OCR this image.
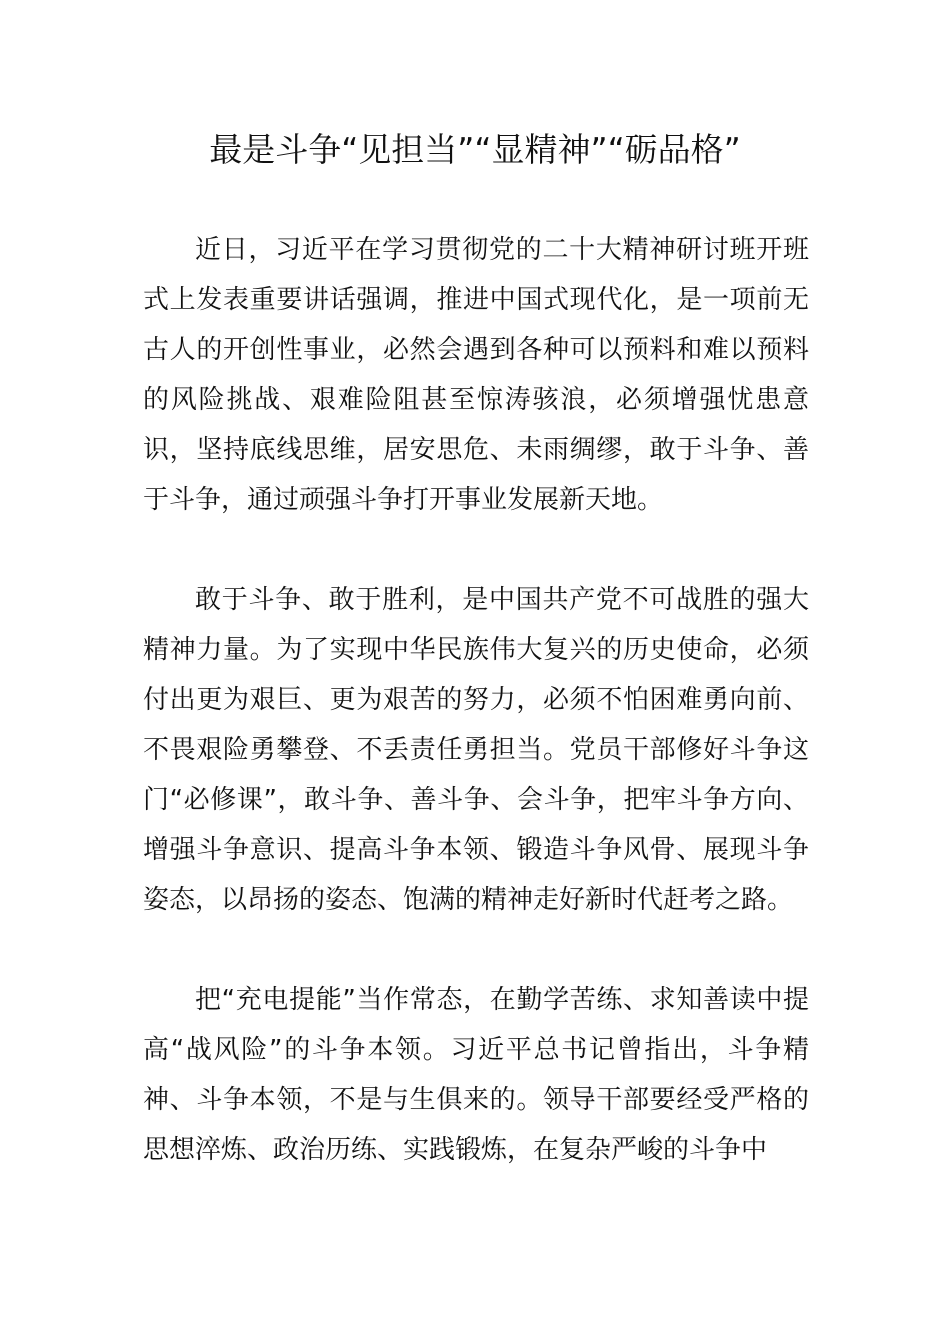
最是斗争“见担当”“显精神”“砺品格”

近日，习近平在学习贯彻党的二十大精神研讨班开班式上发表重要讲话强调，推进中国式现代化，是一项前无古人的开创性事业，必然会遇到各种可以预料和难以预料的风险挑战、艰难险阻甚至惊涛骇浪，必须增强忧患意识，坚持底线思维，居安思危、未雨绸缪，敢于斗争、善于斗争，通过顽强斗争打开事业发展新天地。

敢于斗争、敢于胜利，是中国共产党不可战胜的强大精神力量。为了实现中华民族伟大复兴的历史使命，必须付出更为艰巨、更为艰苦的努力，必须不怕困难勇向前、不畏艰险勇攀登、不丢责任勇担当。党员干部修好斗争这门“必修课”，敢斗争、善斗争、会斗争，把牢斗争方向、增强斗争意识、提高斗争本领、锻造斗争风骨、展现斗争姿态，以昂扬的姿态、饱满的精神走好新时代赶考之路。

把“充电提能”当作常态，在勤学苦练、求知善读中提高“战风险”的斗争本领。习近平总书记曾指出，斗争精神、斗争本领，不是与生俱来的。领导干部要经受严格的思想淬炼、政治历练、实践锻炼，在复杂严峻的斗争中
